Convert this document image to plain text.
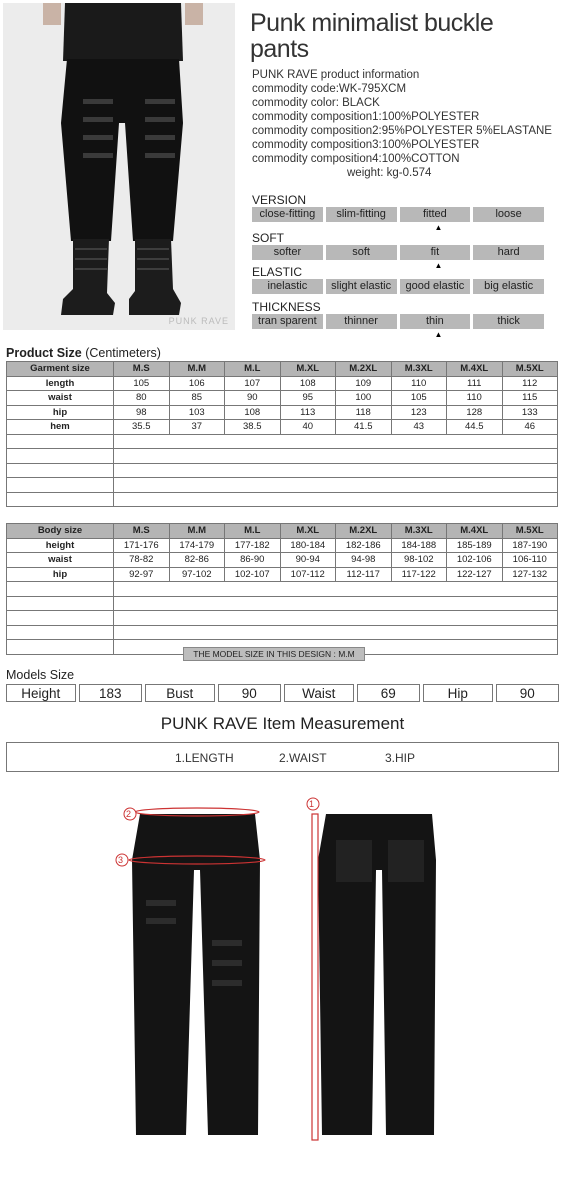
PUNK RAVE
Punk minimalist buckle pants
PUNK RAVE product information
commodity code:WK-795XCM
commodity color: BLACK
commodity composition1:100%POLYESTER
commodity composition2:95%POLYESTER 5%ELASTANE
commodity composition3:100%POLYESTER
commodity composition4:100%COTTON
weight: kg-0.574
VERSION
close-fitting	slim-fitting	fitted	loose
▲
SOFT
softer	soft	fit	hard
▲
ELASTIC
inelastic	slight elastic	good elastic	big elastic
THICKNESS
tran sparent	thinner	thin	thick
▲
Product Size (Centimeters)
Garment size	M.S	M.M	M.L	M.XL	M.2XL	M.3XL	M.4XL	M.5XL
length	105	106	107	108	109	110	111	112
waist	80	85	90	95	100	105	110	115
hip	98	103	108	113	118	123	128	133
hem	35.5	37	38.5	40	41.5	43	44.5	46

Body size	M.S	M.M	M.L	M.XL	M.2XL	M.3XL	M.4XL	M.5XL
height	171-176	174-179	177-182	180-184	182-186	184-188	185-189	187-190
waist	78-82	82-86	86-90	90-94	94-98	98-102	102-106	106-110
hip	92-97	97-102	102-107	107-112	112-117	117-122	122-127	127-132

THE MODEL SIZE IN THIS DESIGN : M.M
Models Size
Height	183	Bust	90	Waist	69	Hip	90
PUNK RAVE Item Measurement
1.LENGTH	2.WAIST	3.HIP
2
3
1
